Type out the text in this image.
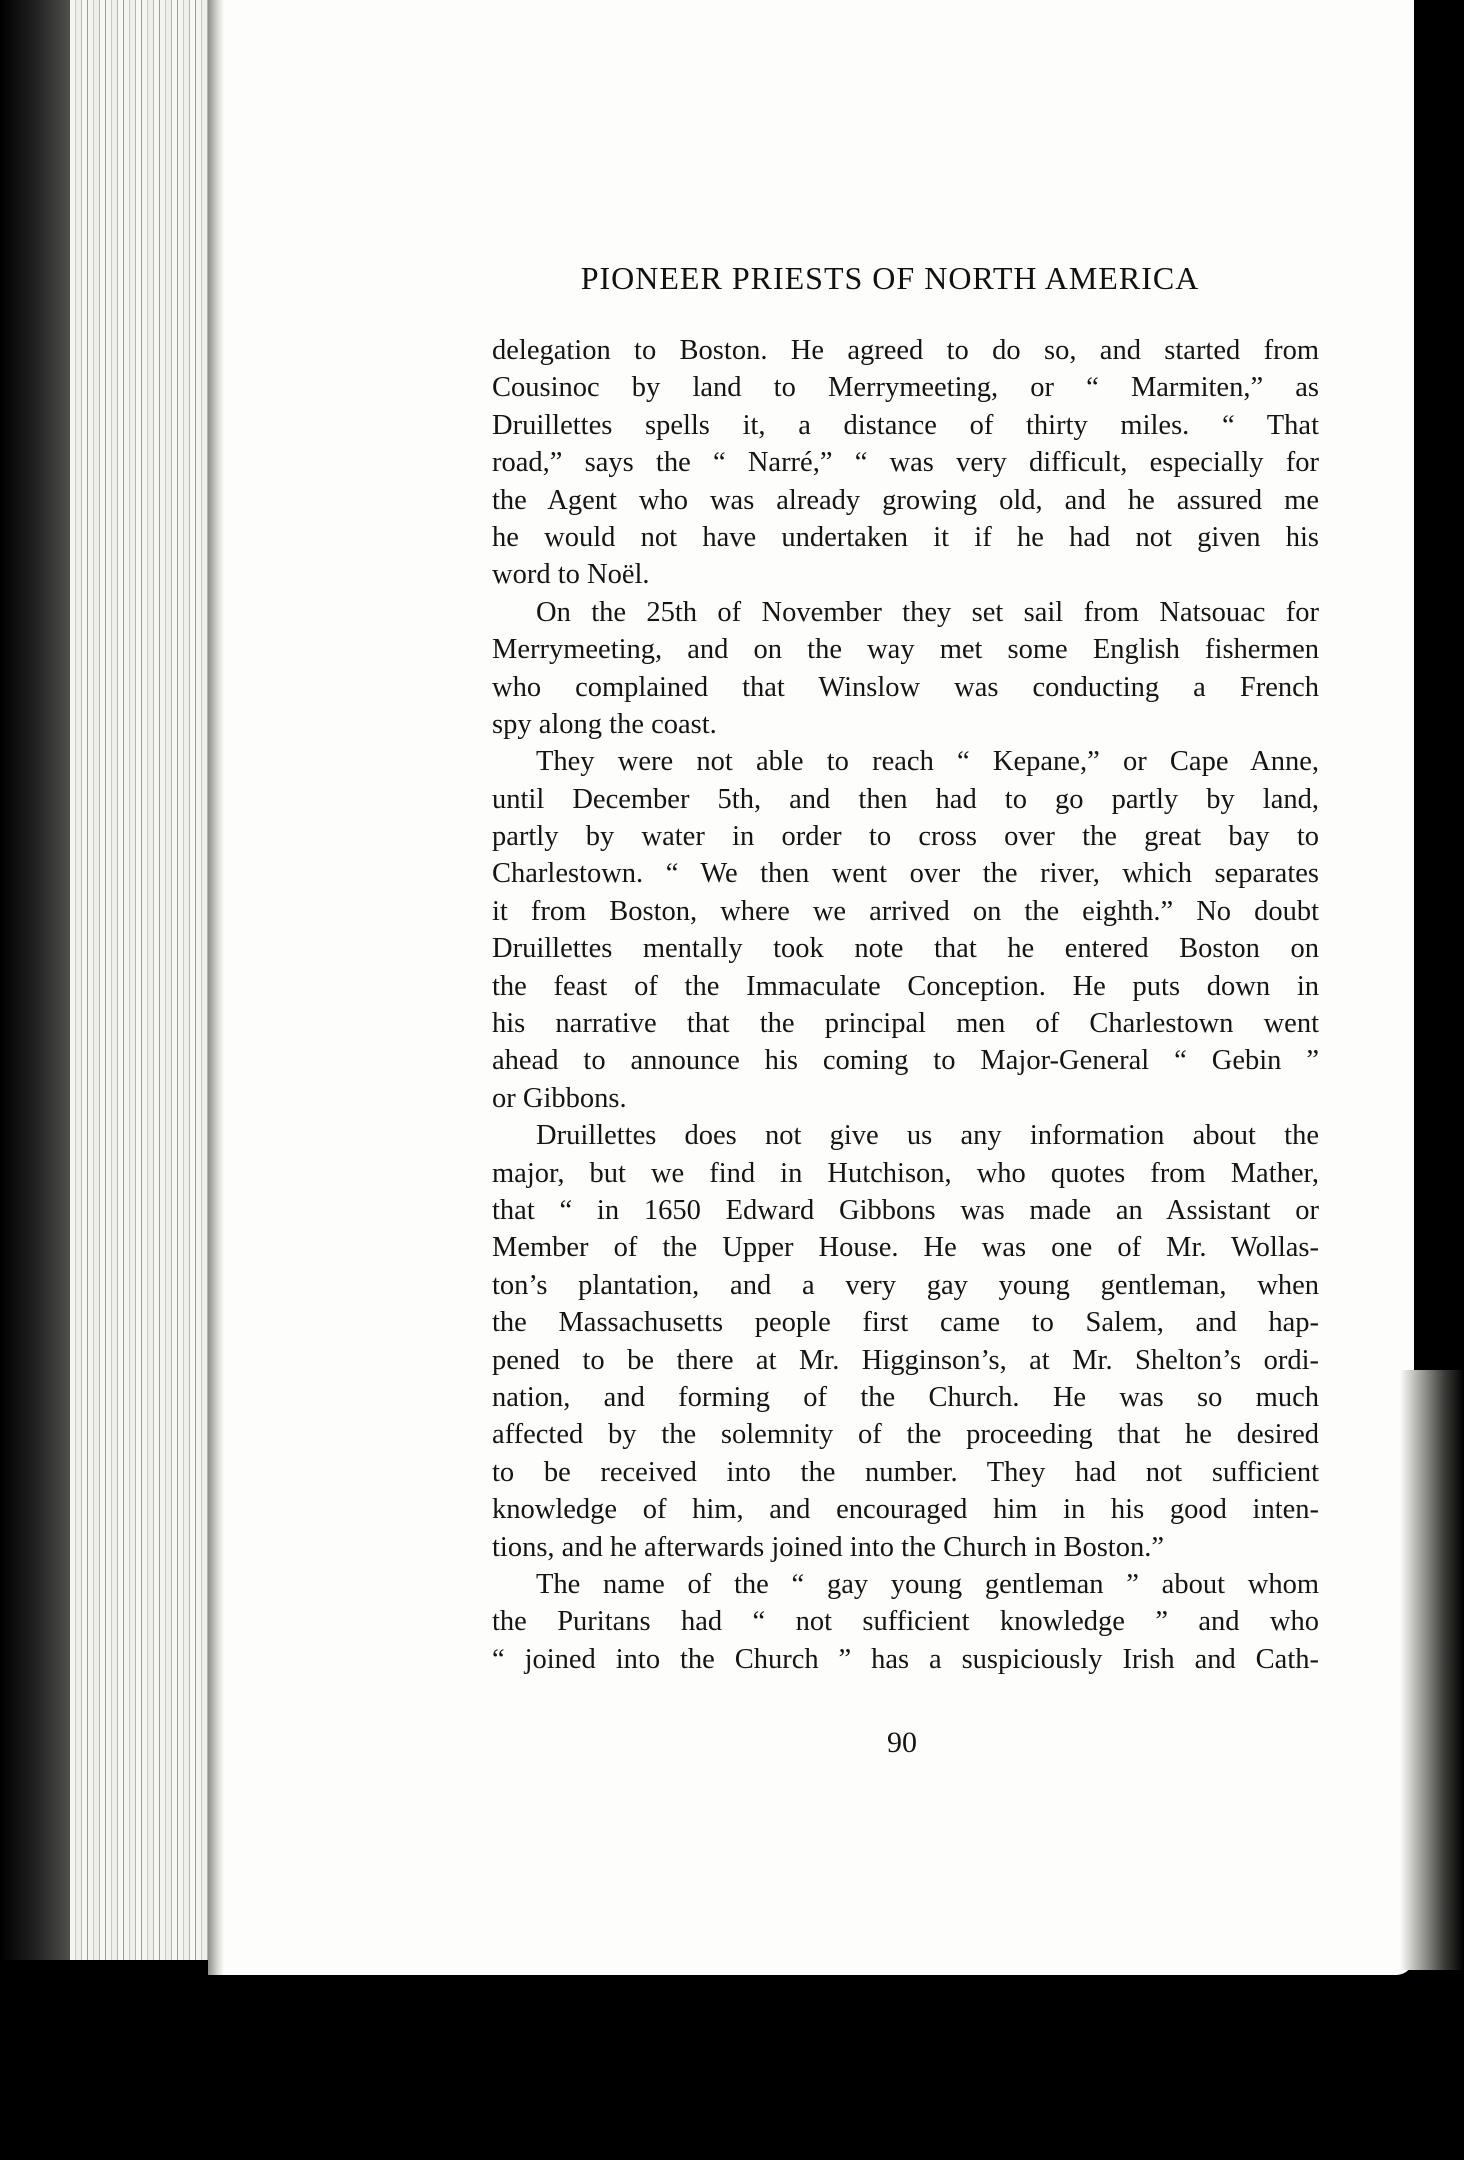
PIONEER PRIESTS OF NORTH AMERICA
delegation to Boston. He agreed to do so, and started from
Cousinoc by land to Merrymeeting, or “ Marmiten,” as
Druillettes spells it, a distance of thirty miles. “ That
road,” says the “ Narré,” “ was very difficult, especially for
the Agent who was already growing old, and he assured me
he would not have undertaken it if he had not given his
word to Noël.
On the 25th of November they set sail from Natsouac for
Merrymeeting, and on the way met some English fishermen
who complained that Winslow was conducting a French
spy along the coast.
They were not able to reach “ Kepane,” or Cape Anne,
until December 5th, and then had to go partly by land,
partly by water in order to cross over the great bay to
Charlestown. “ We then went over the river, which separates
it from Boston, where we arrived on the eighth.” No doubt
Druillettes mentally took note that he entered Boston on
the feast of the Immaculate Conception. He puts down in
his narrative that the principal men of Charlestown went
ahead to announce his coming to Major-General “ Gebin ”
or Gibbons.
Druillettes does not give us any information about the
major, but we find in Hutchison, who quotes from Mather,
that “ in 1650 Edward Gibbons was made an Assistant or
Member of the Upper House. He was one of Mr. Wollas-
ton’s plantation, and a very gay young gentleman, when
the Massachusetts people first came to Salem, and hap-
pened to be there at Mr. Higginson’s, at Mr. Shelton’s ordi-
nation, and forming of the Church. He was so much
affected by the solemnity of the proceeding that he desired
to be received into the number. They had not sufficient
knowledge of him, and encouraged him in his good inten-
tions, and he afterwards joined into the Church in Boston.”
The name of the “ gay young gentleman ” about whom
the Puritans had “ not sufficient knowledge ” and who
“ joined into the Church ” has a suspiciously Irish and Cath-
90
